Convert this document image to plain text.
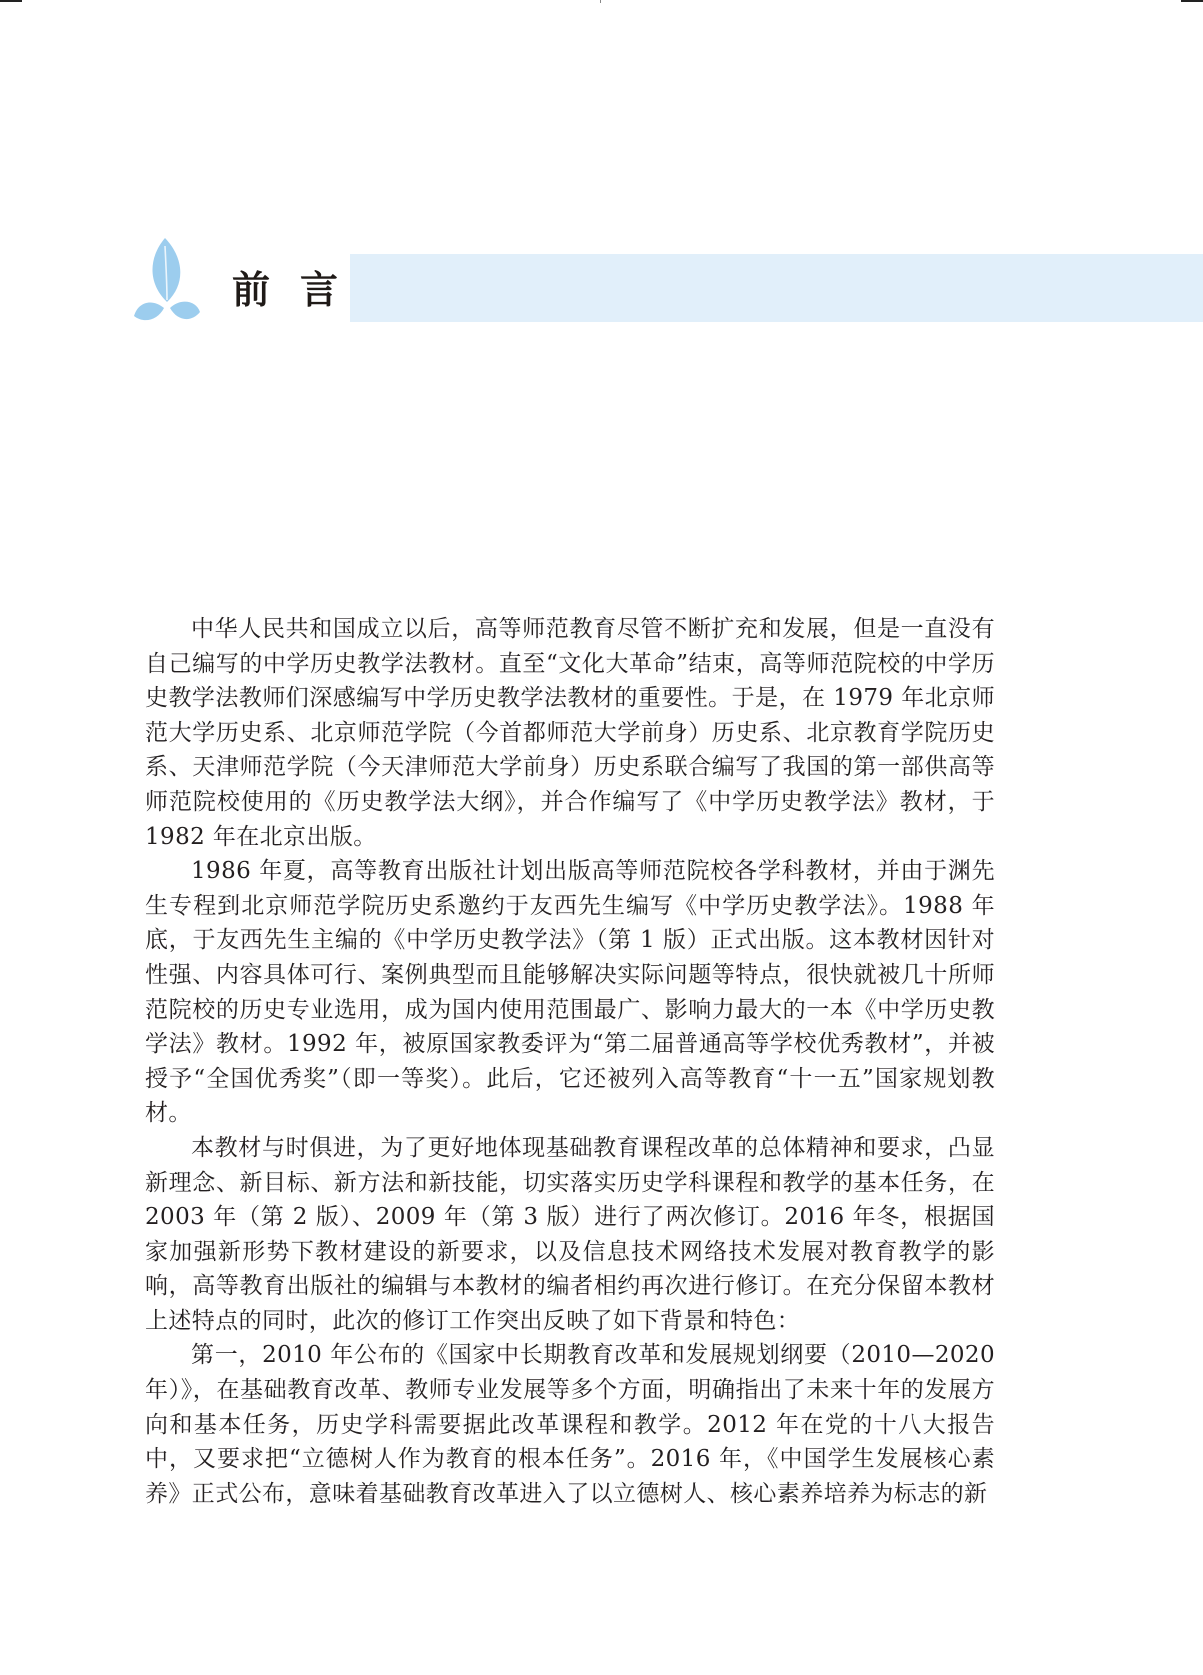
前言

中华人民共和国成立以后，高等师范教育尽管不断扩充和发展，但是一直没有自己编写的中学历史教学法教材。直至“文化大革命”结束，高等师范院校的中学历史教学法教师们深感编写中学历史教学法教材的重要性。于是，在 1979 年北京师范大学历史系、北京师范学院（今首都师范大学前身）历史系、北京教育学院历史系、天津师范学院（今天津师范大学前身）历史系联合编写了我国的第一部供高等师范院校使用的《历史教学法大纲》，并合作编写了《中学历史教学法》教材，于 1982 年在北京出版。

1986 年夏，高等教育出版社计划出版高等师范院校各学科教材，并由于渊先生专程到北京师范学院历史系邀约于友西先生编写《中学历史教学法》。1988 年底，于友西先生主编的《中学历史教学法》（第 1 版）正式出版。这本教材因针对性强、内容具体可行、案例典型而且能够解决实际问题等特点，很快就被几十所师范院校的历史专业选用，成为国内使用范围最广、影响力最大的一本《中学历史教学法》教材。1992 年，被原国家教委评为“第二届普通高等学校优秀教材”，并被授予“全国优秀奖”（即一等奖）。此后，它还被列入高等教育“十一五”国家规划教材。

本教材与时俱进，为了更好地体现基础教育课程改革的总体精神和要求，凸显新理念、新目标、新方法和新技能，切实落实历史学科课程和教学的基本任务，在 2003 年（第 2 版）、2009 年（第 3 版）进行了两次修订。2016 年冬，根据国家加强新形势下教材建设的新要求，以及信息技术网络技术发展对教育教学的影响，高等教育出版社的编辑与本教材的编者相约再次进行修订。在充分保留本教材上述特点的同时，此次的修订工作突出反映了如下背景和特色：

第一，2010 年公布的《国家中长期教育改革和发展规划纲要（2010—2020 年）》，在基础教育改革、教师专业发展等多个方面，明确指出了未来十年的发展方向和基本任务，历史学科需要据此改革课程和教学。2012 年在党的十八大报告中，又要求把“立德树人作为教育的根本任务”。2016 年，《中国学生发展核心素养》正式公布，意味着基础教育改革进入了以立德树人、核心素养培养为标志的新
